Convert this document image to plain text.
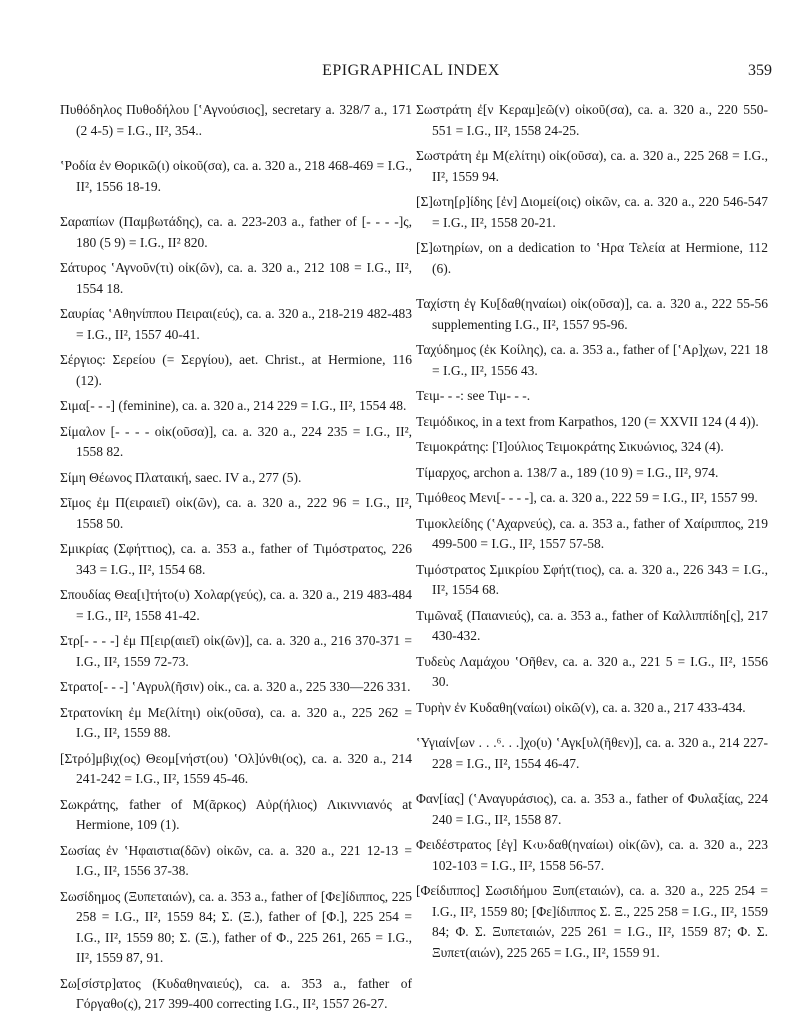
EPIGRAPHICAL INDEX	359

Πυθόδηλος Πυθοδήλου [ʽΑγνούσιος], secretary a. 328/7 a., 171 (2 4-5) = I.G., II², 354..

ʽΡοδία ἐν Θορικῶ(ι) οἰκοῦ(σα), ca. a. 320 a., 218 468-469 = I.G., II², 1556 18-19.

Σαραπίων (Παμβωτάδης), ca. a. 223-203 a., father of [- - - -]ς, 180 (5 9) = I.G., II² 820.

Σάτυρος ʽΑγνοῦν(τι) οἰκ(ῶν), ca. a. 320 a., 212 108 = I.G., II², 1554 18.

Σαυρίας ʽΑθηνίππου Πειραι(εύς), ca. a. 320 a., 218-219 482-483 = I.G., II², 1557 40-41.

Σέργιος: Σερείου (= Σεργίου), aet. Christ., at Hermione, 116 (12).

Σιμα[- - -] (feminine), ca. a. 320 a., 214 229 = I.G., II², 1554 48.

Σίμαλον [- - - - οἰκ(οῦσα)], ca. a. 320 a., 224 235 = I.G., II², 1558 82.

Σίμη Θέωνος Πλαταική, saec. IV a., 277 (5).

Σῖμος ἐμ Π(ειραιεῖ) οἰκ(ῶν), ca. a. 320 a., 222 96 = I.G., II², 1558 50.

Σμικρίας (Σφήττιος), ca. a. 353 a., father of Τιμόστρατος, 226 343 = I.G., II², 1554 68.

Σπουδίας Θεα[ι]τήτο(υ) Χολαρ(γεύς), ca. a. 320 a., 219 483-484 = I.G., II², 1558 41-42.

Στρ[- - - -] ἐμ Π[ειρ(αιεῖ) οἰκ(ῶν)], ca. a. 320 a., 216 370-371 = I.G., II², 1559 72-73.

Στρατο[- - -] ʽΑγρυλ(ῆσιν) οἰκ., ca. a. 320 a., 225 330—226 331.

Στρατονίκη ἐμ Με(λίτηι) οἰκ(οῦσα), ca. a. 320 a., 225 262 = I.G., II², 1559 88.

[Στρό]μβιχ(ος) Θεομ[νήστ(ου) ʽΟλ]ύνθι(ος), ca. a. 320 a., 214 241-242 = I.G., II², 1559 45-46.

Σωκράτης, father of Μ(ᾶρκος) Αὐρ(ήλιος) Λικιννιανός at Hermione, 109 (1).

Σωσίας ἐν ʽΗφαιστια(δῶν) οἰκῶν, ca. a. 320 a., 221 12-13 = I.G., II², 1556 37-38.

Σωσίδημος (Ξυπεταιών), ca. a. 353 a., father of [Φε]ίδιππος, 225 258 = I.G., II², 1559 84; Σ. (Ξ.), father of [Φ.], 225 254 = I.G., II², 1559 80; Σ. (Ξ.), father of Φ., 225 261, 265 = I.G., II², 1559 87, 91.

Σω[σίστρ]ατος (Κυδαθηναιεύς), ca. a. 353 a., father of Γόργαθο(ς), 217 399-400 correcting I.G., II², 1557 26-27.

Σωστράτη ἐ[ν Κεραμ]εῶ(ν) οἰκοῦ(σα), ca. a. 320 a., 220 550-551 = I.G., II², 1558 24-25.

Σωστράτη ἐμ Μ(ελίτηι) οἰκ(οῦσα), ca. a. 320 a., 225 268 = I.G., II², 1559 94.

[Σ]ωτη[ρ]ίδης [ἐν] Διομεί(οις) οἰκῶν, ca. a. 320 a., 220 546-547 = I.G., II², 1558 20-21.

[Σ]ωτηρίων, on a dedication to ʽΗρα Τελεία at Hermione, 112 (6).

Ταχίστη ἐγ Κυ[δαθ(ηναίωι) οἰκ(οῦσα)], ca. a. 320 a., 222 55-56 supplementing I.G., II², 1557 95-96.

Ταχύδημος (ἐκ Κοίλης), ca. a. 353 a., father of [ʽΑρ]χων, 221 18 = I.G., II², 1556 43.

Τειμ- - -: see Τιμ- - -.

Τειμόδικος, in a text from Karpathos, 120 (= XXVII 124 (4 4)).

Τειμοκράτης: [Ἰ]ούλιος Τειμοκράτης Σικυώνιος, 324 (4).

Τίμαρχος, archon a. 138/7 a., 189 (10 9) = I.G., II², 974.

Τιμόθεος Μενι[- - - -], ca. a. 320 a., 222 59 = I.G., II², 1557 99.

Τιμοκλείδης (ʽΑχαρνεύς), ca. a. 353 a., father of Χαίριππος, 219 499-500 = I.G., II², 1557 57-58.

Τιμόστρατος Σμικρίου Σφήτ(τιος), ca. a. 320 a., 226 343 = I.G., II², 1554 68.

Τιμῶναξ (Παιανιεύς), ca. a. 353 a., father of Καλλιππίδη[ς], 217 430-432.

Τυδεὺς Λαμάχου ʽΟῆθεν, ca. a. 320 a., 221 5 = I.G., II², 1556 30.

Τυρὴν ἐν Κυδαθη(ναίωι) οἰκῶ(ν), ca. a. 320 a., 217 433-434.

ʽΥγιαίν[ων . . .⁶. . .]χο(υ) ʽΑγκ[υλ(ῆθεν)], ca. a. 320 a., 214 227-228 = I.G., II², 1554 46-47.

Φαν[ίας] (ʽΑναγυράσιος), ca. a. 353 a., father of Φυλαξίας, 224 240 = I.G., II², 1558 87.

Φειδέστρατος [ἐγ] Κ‹υ›δαθ(ηναίωι) οἰκ(ῶν), ca. a. 320 a., 223 102-103 = I.G., II², 1558 56-57.

[Φείδιππος] Σωσιδήμου Ξυπ(εταιών), ca. a. 320 a., 225 254 = I.G., II², 1559 80; [Φε]ίδιππος Σ. Ξ., 225 258 = I.G., II², 1559 84; Φ. Σ. Ξυπεταιών, 225 261 = I.G., II², 1559 87; Φ. Σ. Ξυπετ(αιών), 225 265 = I.G., II², 1559 91.
